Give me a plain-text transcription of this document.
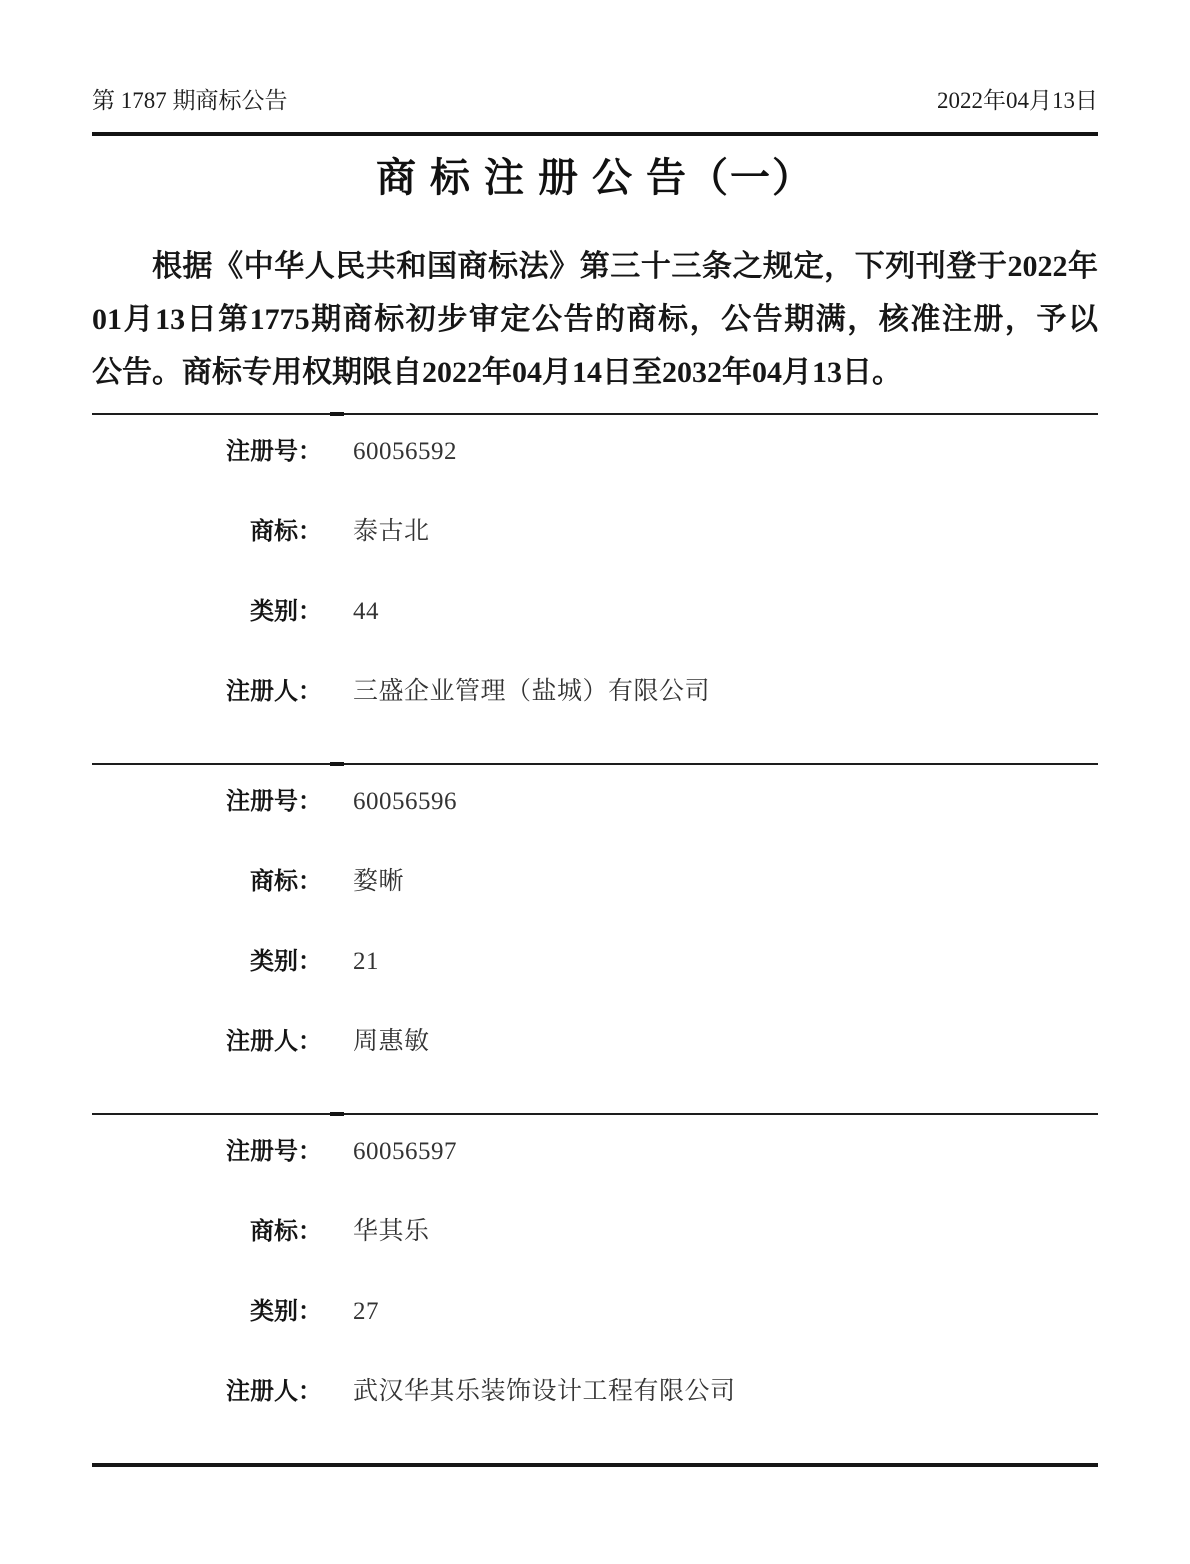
第 1787 期商标公告	2022年04月13日
商 标 注 册 公 告（一）
根据《中华人民共和国商标法》第三十三条之规定，下列刊登于2022年
01月13日第1775期商标初步审定公告的商标，公告期满，核准注册，予以
公告。商标专用权期限自2022年04月14日至2032年04月13日。
注册号： 60056592
商标： 泰古北
类别： 44
注册人： 三盛企业管理（盐城）有限公司
注册号： 60056596
商标： 婺晰
类别： 21
注册人： 周惠敏
注册号： 60056597
商标： 华其乐
类别： 27
注册人： 武汉华其乐装饰设计工程有限公司
